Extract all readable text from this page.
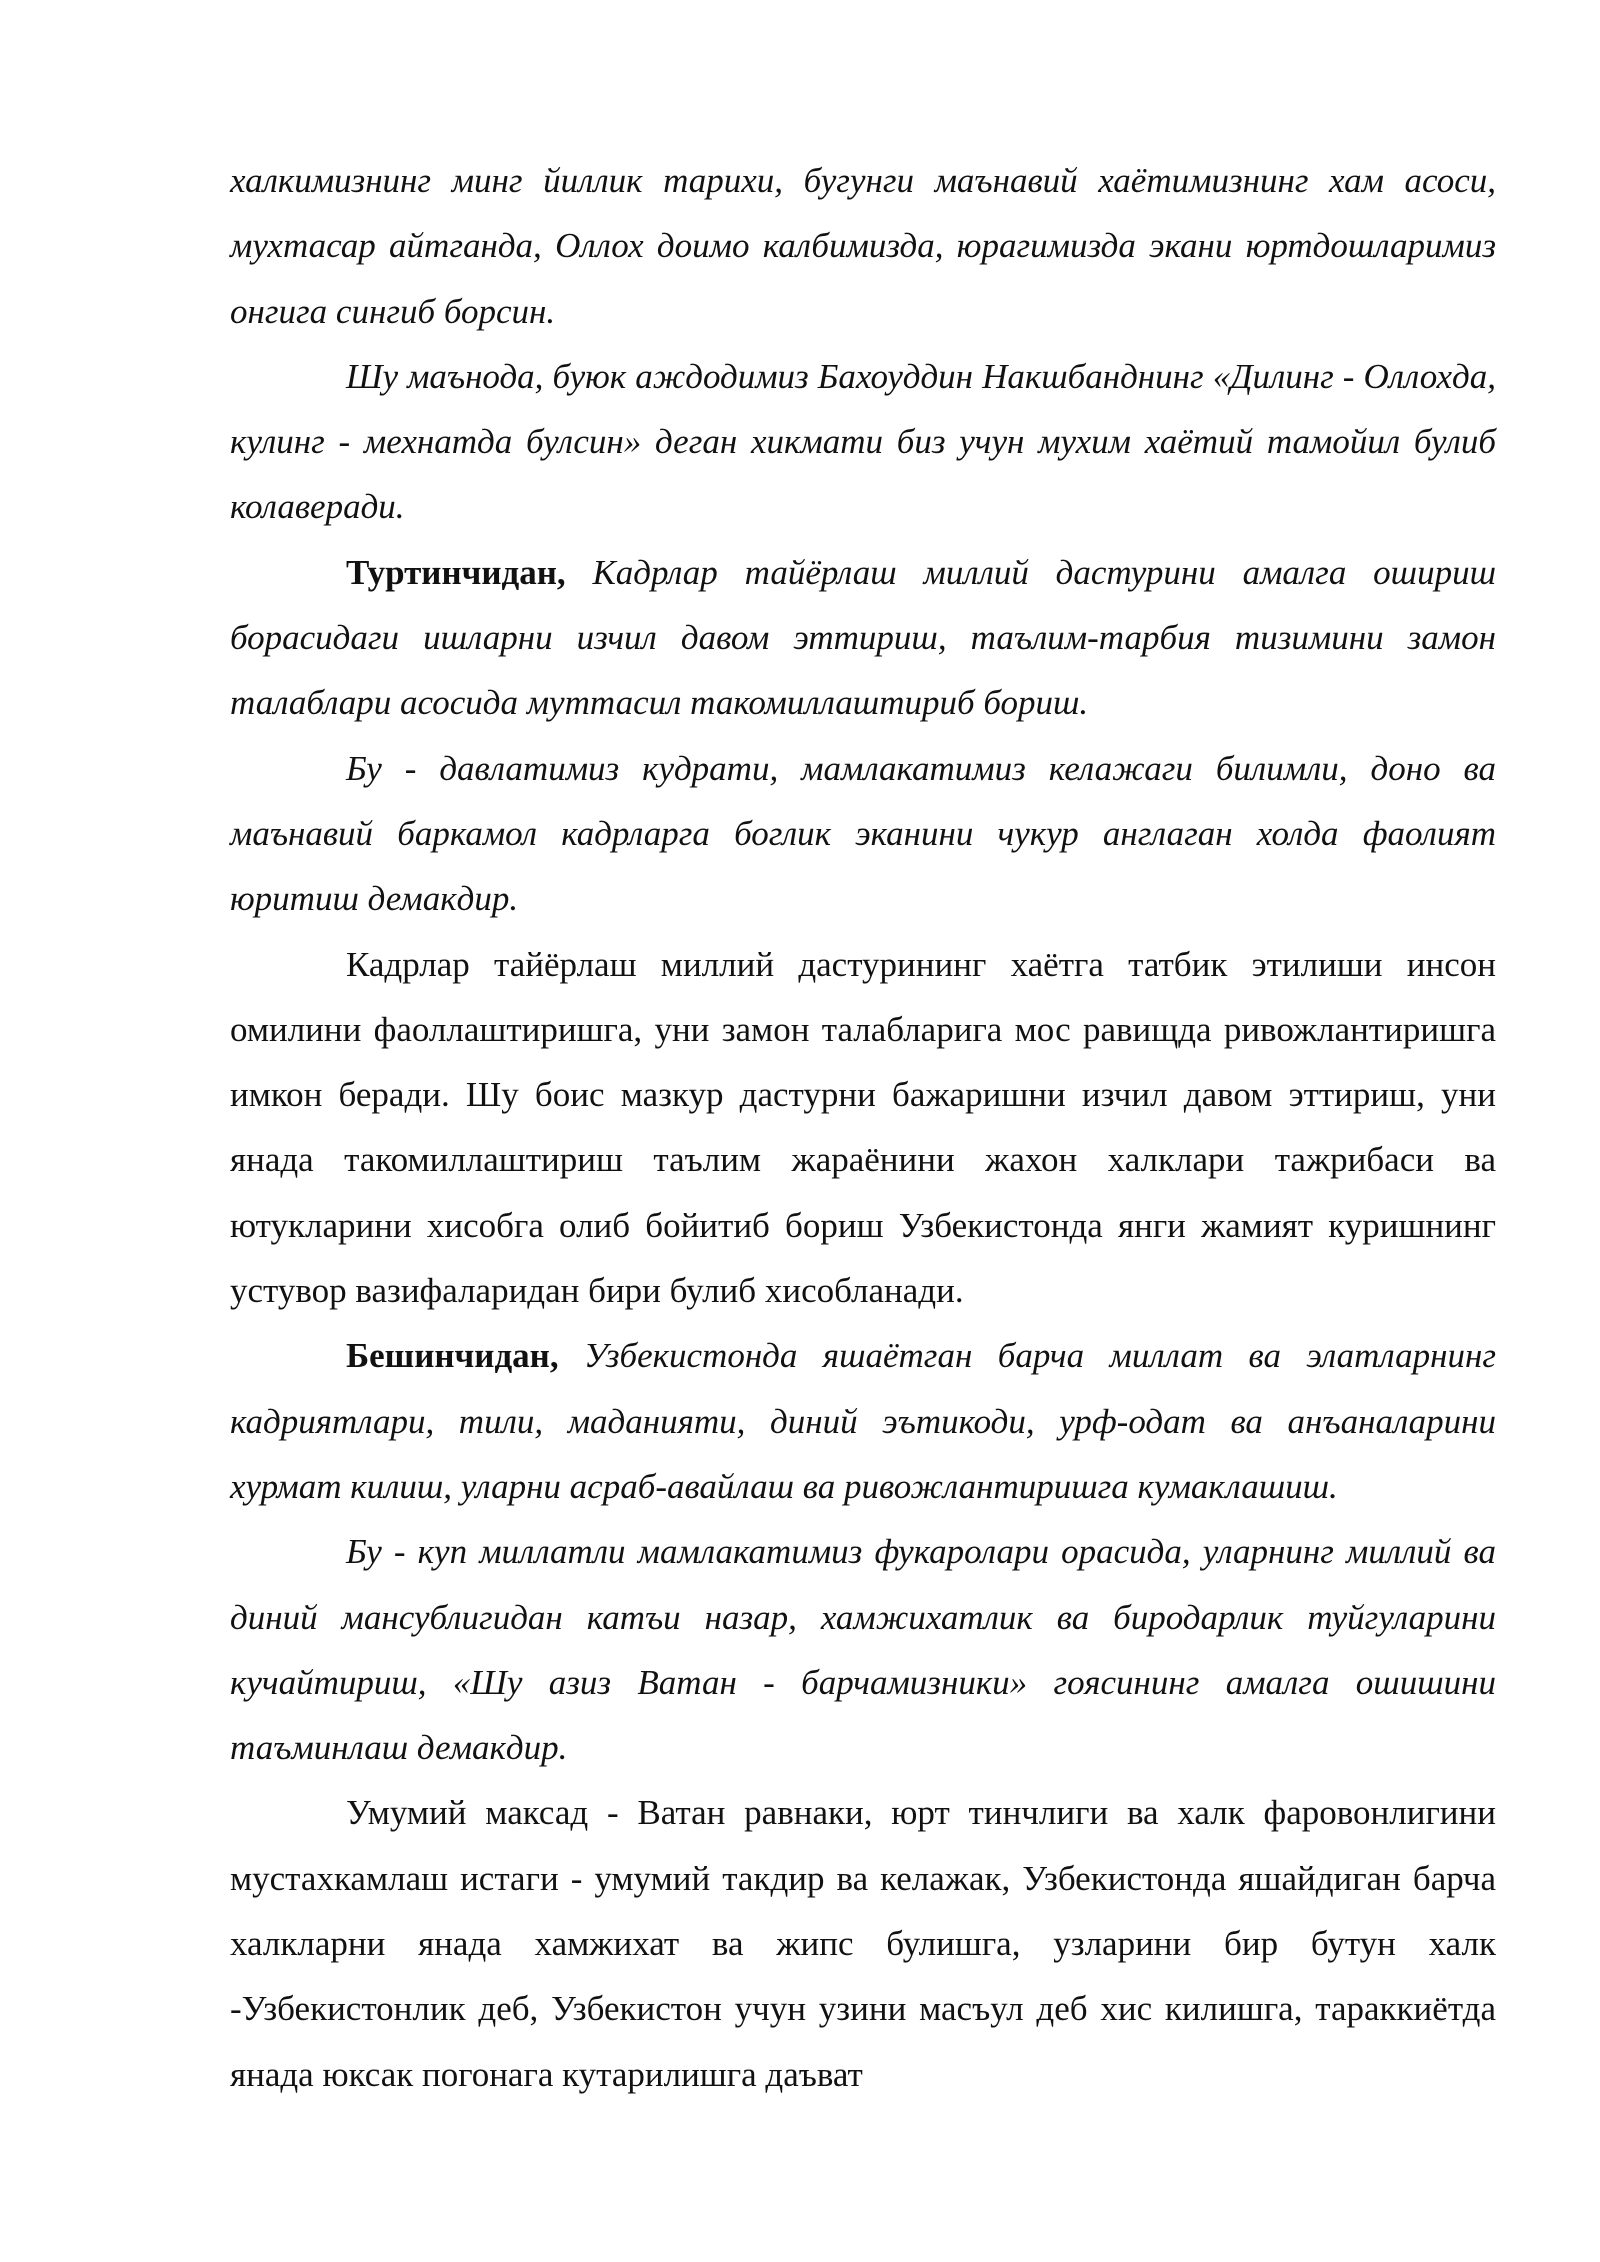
халкимизнинг минг йиллик тарихи, бугунги маънавий хаётимизнинг хам асоси, мухтасар айтганда, Оллох доимо калбимизда, юрагимизда экани юртдошларимиз онгига сингиб борсин.

Шу маънода, буюк аждодимиз Бахоуддин Накшбанднинг «Дилинг - Оллохда, кулинг - мехнатда булсин» деган хикмати биз учун мухим хаётий тамойил булиб колаверади.

Туртинчидан, Кадрлар тайёрлаш миллий дастурини амалга ошириш борасидаги ишларни изчил давом эттириш, таълим-тарбия тизимини замон талаблари асосида муттасил такомиллаштириб бориш.

Бу - давлатимиз кудрати, мамлакатимиз келажаги билимли, доно ва маънавий баркамол кадрларга боглик эканини чукур англаган холда фаолият юритиш демакдир.

Кадрлар тайёрлаш миллий дастурининг хаётга татбик этилиши инсон омилини фаоллаштиришга, уни замон талабларига мос равищда ривожлантиришга имкон беради. Шу боис мазкур дастурни бажаришни изчил давом эттириш, уни янада такомиллаштириш таълим жараёнини жахон халклари тажрибаси ва ютукларини хисобга олиб бойитиб бориш Узбекистонда янги жамият куришнинг устувор вазифаларидан бири булиб хисобланади.

Бешинчидан, Узбекистонда яшаётган барча миллат ва элатларнинг кадриятлари, тили, маданияти, диний эътикоди, урф-одат ва анъаналарини хурмат килиш, уларни асраб-авайлаш ва ривожлантиришга кумаклашиш.

Бу - куп миллатли мамлакатимиз фукаролари орасида, уларнинг миллий ва диний мансублигидан катъи назар, хамжихатлик ва биродарлик туйгуларини кучайтириш, «Шу азиз Ватан - барчамизники» гоясининг амалга ошишини таъминлаш демакдир.

Умумий максад - Ватан равнаки, юрт тинчлиги ва халк фаровонлигини мустахкамлаш истаги - умумий такдир ва келажак, Узбекистонда яшайдиган барча халкларни янада хамжихат ва жипс булишга, узларини бир бутун халк -Узбекистонлик деб, Узбекистон учун узини масъул деб хис килишга, тараккиётда янада юксак погонага кутарилишга даъват
